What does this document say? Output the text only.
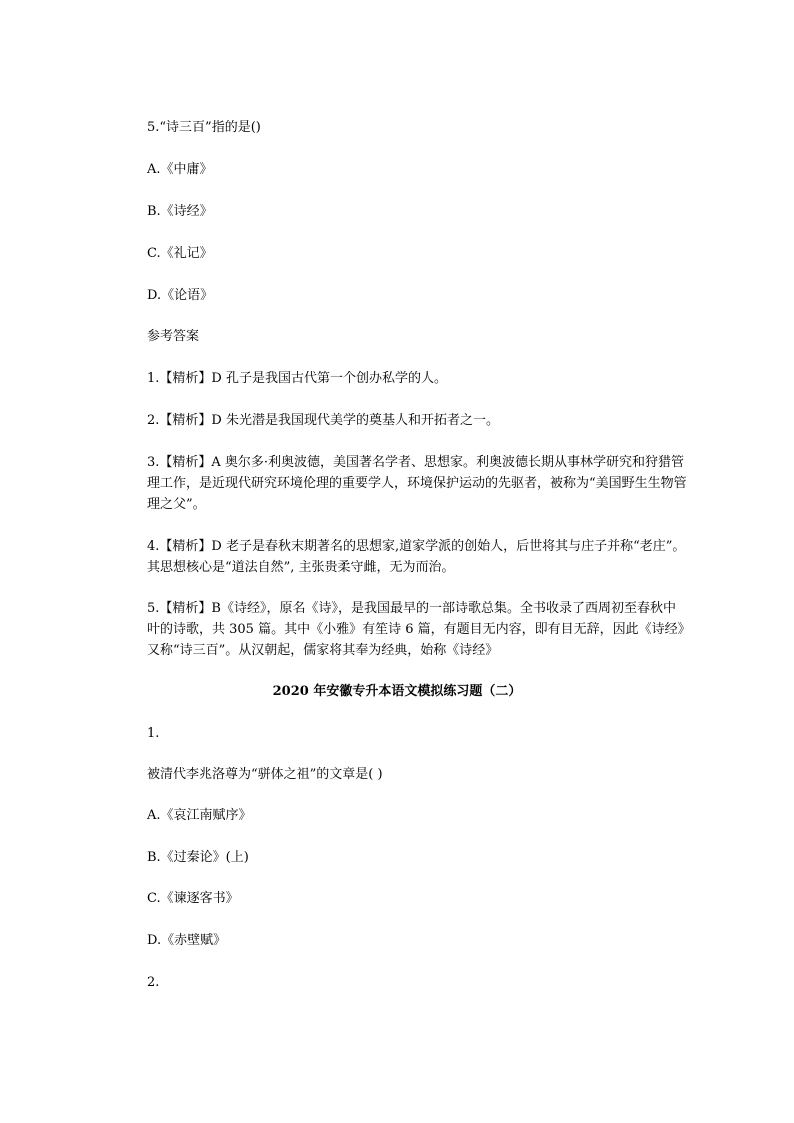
5.“诗三百”指的是()
A.《中庸》
B.《诗经》
C.《礼记》
D.《论语》
参考答案
1.【精析】D 孔子是我国古代第一个创办私学的人。
2.【精析】D 朱光潜是我国现代美学的奠基人和开拓者之一。
3.【精析】A 奥尔多·利奥波德，美国著名学者、思想家。利奥波德长期从事林学研究和狩猎管理工作，是近现代研究环境伦理的重要学人，环境保护运动的先驱者，被称为“美国野生生物管理之父”。
4.【精析】D 老子是春秋末期著名的思想家,道家学派的创始人，后世将其与庄子并称“老庄”。其思想核心是“道法自然”, 主张贵柔守雌，无为而治。
5.【精析】B《诗经》，原名《诗》，是我国最早的一部诗歌总集。全书收录了西周初至春秋中叶的诗歌，共 305 篇。其中《小雅》有笙诗 6 篇，有题目无内容，即有目无辞，因此《诗经》又称“诗三百”。从汉朝起，儒家将其奉为经典，始称《诗经》
2020 年安徽专升本语文模拟练习题（二）
1.
被清代李兆洛尊为“骈体之祖”的文章是( )
A.《哀江南赋序》
B.《过秦论》(上)
C.《谏逐客书》
D.《赤壁赋》
2.
